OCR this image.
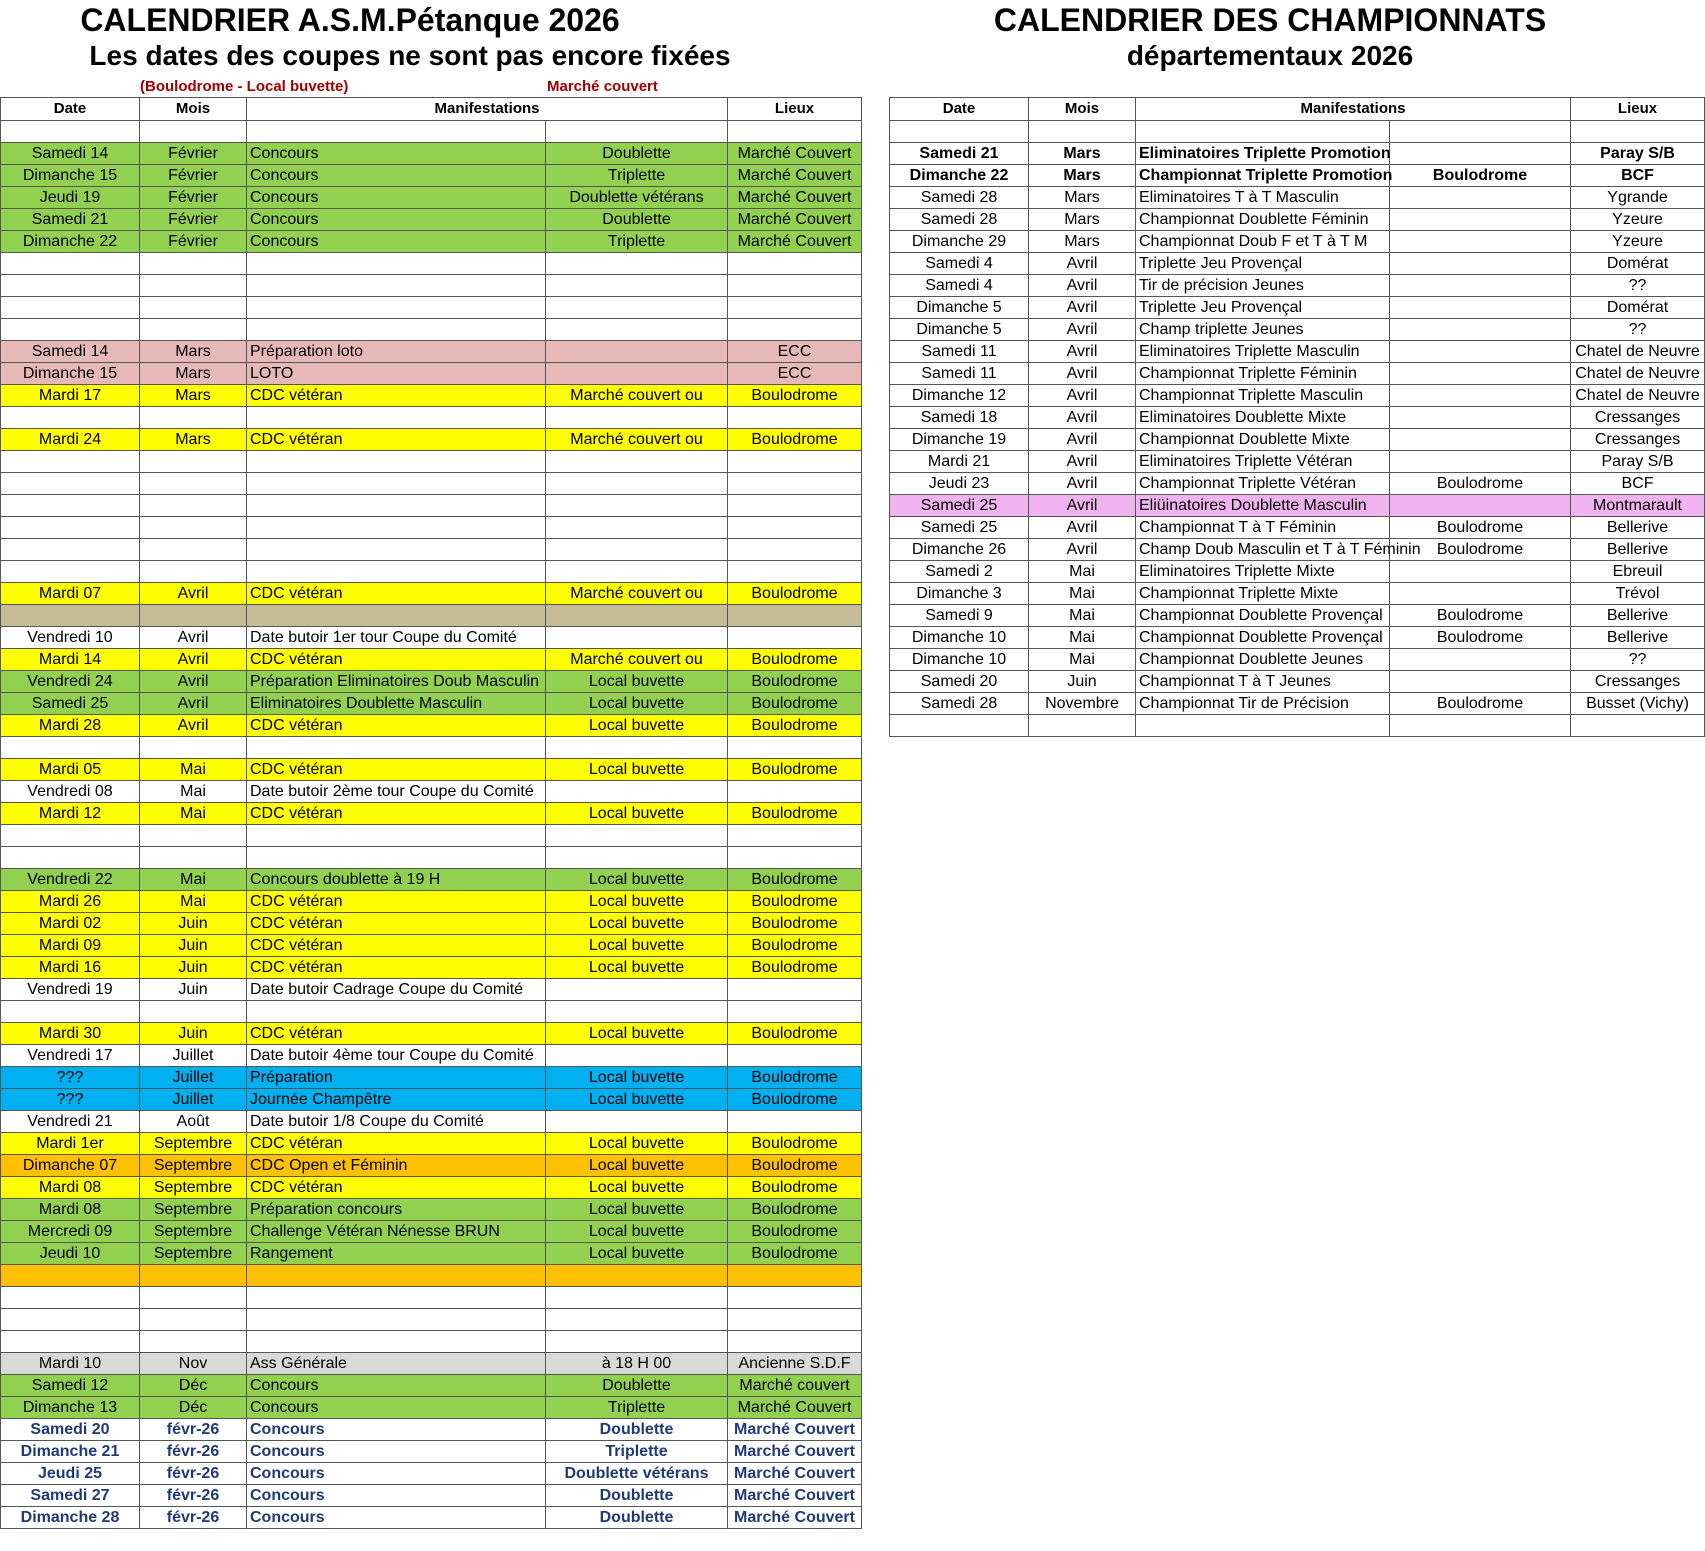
CALENDRIER A.S.M.Pétanque 2026
Les dates des coupes ne sont pas encore fixées
CALENDRIER DES CHAMPIONNATS
départementaux 2026
(Boulodrome - Local buvette)	Marché couvert
Date	Mois	Manifestations		Lieux

Samedi 14	Février	Concours	Doublette	Marché Couvert
Dimanche 15	Février	Concours	Triplette	Marché Couvert
Jeudi 19	Février	Concours	Doublette vétérans	Marché Couvert
Samedi 21	Février	Concours	Doublette	Marché Couvert
Dimanche 22	Février	Concours	Triplette	Marché Couvert

Samedi 14	Mars	Préparation loto		ECC
Dimanche 15	Mars	LOTO		ECC
Mardi 17	Mars	CDC vétéran	Marché couvert ou	Boulodrome

Mardi 24	Mars	CDC vétéran	Marché couvert ou	Boulodrome

Mardi 07	Avril	CDC vétéran	Marché couvert ou	Boulodrome

Vendredi 10	Avril	Date butoir 1er tour Coupe du Comité		
Mardi 14	Avril	CDC vétéran	Marché couvert ou	Boulodrome
Vendredi 24	Avril	Préparation Eliminatoires Doub Masculin	Local buvette	Boulodrome
Samedi 25	Avril	Eliminatoires Doublette Masculin	Local buvette	Boulodrome
Mardi 28	Avril	CDC vétéran	Local buvette	Boulodrome

Mardi 05	Mai	CDC vétéran	Local buvette	Boulodrome
Vendredi 08	Mai	Date butoir 2ème tour Coupe du Comité		
Mardi 12	Mai	CDC vétéran	Local buvette	Boulodrome

Vendredi 22	Mai	Concours doublette à 19 H	Local buvette	Boulodrome
Mardi 26	Mai	CDC vétéran	Local buvette	Boulodrome
Mardi 02	Juin	CDC vétéran	Local buvette	Boulodrome
Mardi 09	Juin	CDC vétéran	Local buvette	Boulodrome
Mardi 16	Juin	CDC vétéran	Local buvette	Boulodrome
Vendredi 19	Juin	Date butoir Cadrage Coupe du Comité		

Mardi 30	Juin	CDC vétéran	Local buvette	Boulodrome
Vendredi 17	Juillet	Date butoir 4ème tour Coupe du Comité		
???	Juillet	Préparation	Local buvette	Boulodrome
???	Juillet	Journée Champêtre	Local buvette	Boulodrome
Vendredi 21	Août	Date butoir 1/8 Coupe du Comité		
Mardi 1er	Septembre	CDC vétéran	Local buvette	Boulodrome
Dimanche 07	Septembre	CDC Open et Féminin	Local buvette	Boulodrome
Mardi 08	Septembre	CDC vétéran	Local buvette	Boulodrome
Mardi 08	Septembre	Préparation concours	Local buvette	Boulodrome
Mercredi 09	Septembre	Challenge Vétéran Nénesse BRUN	Local buvette	Boulodrome
Jeudi 10	Septembre	Rangement	Local buvette	Boulodrome

Mardi 10	Nov	Ass Générale	à 18 H 00	Ancienne S.D.F
Samedi 12	Déc	Concours	Doublette	Marché couvert
Dimanche 13	Déc	Concours	Triplette	Marché Couvert
Samedi 20	févr-26	Concours	Doublette	Marché Couvert
Dimanche 21	févr-26	Concours	Triplette	Marché Couvert
Jeudi 25	févr-26	Concours	Doublette vétérans	Marché Couvert
Samedi 27	févr-26	Concours	Doublette	Marché Couvert
Dimanche 28	févr-26	Concours	Doublette	Marché Couvert
Date	Mois	Manifestations		Lieux

Samedi 21	Mars	Eliminatoires Triplette Promotion		Paray S/B
Dimanche 22	Mars	Championnat Triplette Promotion	Boulodrome	BCF
Samedi 28	Mars	Eliminatoires T à T Masculin		Ygrande
Samedi 28	Mars	Championnat Doublette Féminin		Yzeure
Dimanche 29	Mars	Championnat Doub F et T à T M		Yzeure
Samedi 4	Avril	Triplette Jeu Provençal		Domérat
Samedi 4	Avril	Tir de précision Jeunes		??
Dimanche 5	Avril	Triplette Jeu Provençal		Domérat
Dimanche 5	Avril	Champ triplette Jeunes		??
Samedi 11	Avril	Eliminatoires Triplette Masculin		Chatel de Neuvre
Samedi 11	Avril	Championnat Triplette Féminin		Chatel de Neuvre
Dimanche 12	Avril	Championnat Triplette Masculin		Chatel de Neuvre
Samedi 18	Avril	Eliminatoires Doublette Mixte		Cressanges
Dimanche 19	Avril	Championnat Doublette Mixte		Cressanges
Mardi 21	Avril	Eliminatoires Triplette Vétéran		Paray S/B
Jeudi 23	Avril	Championnat Triplette Vétéran	Boulodrome	BCF
Samedi 25	Avril	Eliüinatoires Doublette Masculin		Montmarault
Samedi 25	Avril	Championnat T à T Féminin	Boulodrome	Bellerive
Dimanche 26	Avril	Champ Doub Masculin et T à T Féminin	Boulodrome	Bellerive
Samedi 2	Mai	Eliminatoires Triplette Mixte		Ebreuil
Dimanche 3	Mai	Championnat Triplette Mixte		Trévol
Samedi 9	Mai	Championnat Doublette Provençal	Boulodrome	Bellerive
Dimanche 10	Mai	Championnat Doublette Provençal	Boulodrome	Bellerive
Dimanche 10	Mai	Championnat Doublette Jeunes		??
Samedi 20	Juin	Championnat T à T Jeunes		Cressanges
Samedi 28	Novembre	Championnat Tir de Précision	Boulodrome	Busset (Vichy)
